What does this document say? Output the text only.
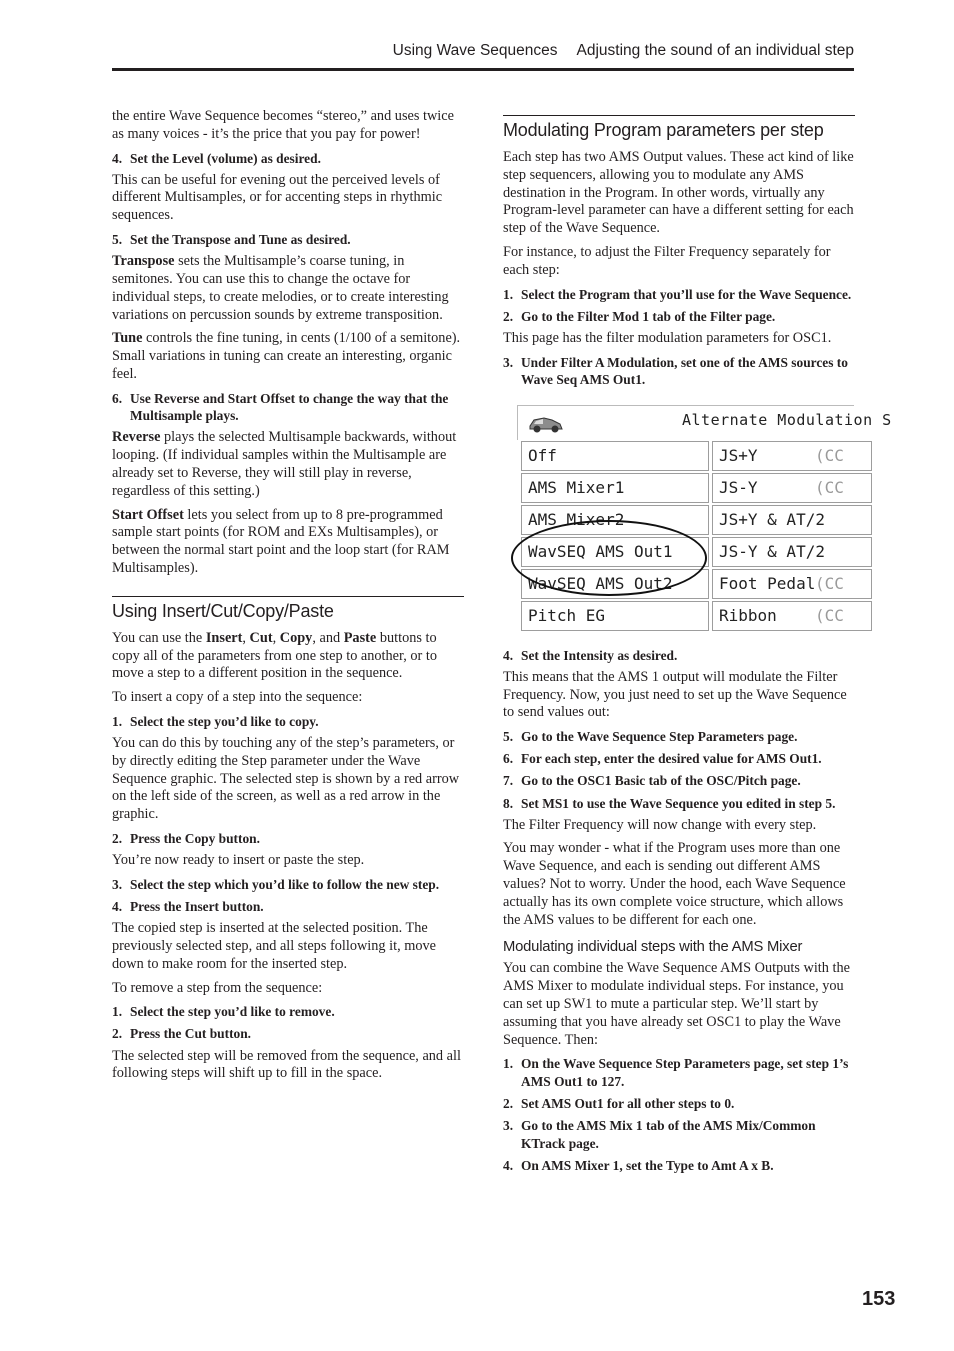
Using Wave Sequences Adjusting the sound of an individual step

the entire Wave Sequence becomes “stereo,” and uses twice as many voices - it’s the price that you pay for power!

4. Set the Level (volume) as desired.

This can be useful for evening out the perceived levels of different Multisamples, or for accenting steps in rhythmic sequences.

5. Set the Transpose and Tune as desired.

Transpose sets the Multisample’s coarse tuning, in semitones. You can use this to change the octave for individual steps, to create melodies, or to create interesting variations on percussion sounds by extreme transposition.

Tune controls the fine tuning, in cents (1/100 of a semitone). Small variations in tuning can create an interesting, organic feel.

6. Use Reverse and Start Offset to change the way that the Multisample plays.

Reverse plays the selected Multisample backwards, without looping. (If individual samples within the Multisample are already set to Reverse, they will still play in reverse, regardless of this setting.)

Start Offset lets you select from up to 8 pre-programmed sample start points (for ROM and EXs Multisamples), or between the normal start point and the loop start (for RAM Multisamples).

Using Insert/Cut/Copy/Paste

You can use the Insert, Cut, Copy, and Paste buttons to copy all of the parameters from one step to another, or to move a step to a different position in the sequence.

To insert a copy of a step into the sequence:

1. Select the step you’d like to copy.

You can do this by touching any of the step’s parameters, or by directly editing the Step parameter under the Wave Sequence graphic. The selected step is shown by a red arrow on the left side of the screen, as well as a red arrow in the graphic.

2. Press the Copy button.

You’re now ready to insert or paste the step.

3. Select the step which you’d like to follow the new step.
4. Press the Insert button.

The copied step is inserted at the selected position. The previously selected step, and all steps following it, move down to make room for the inserted step.

To remove a step from the sequence:

1. Select the step you’d like to remove.
2. Press the Cut button.

The selected step will be removed from the sequence, and all following steps will shift up to fill in the space.

Modulating Program parameters per step

Each step has two AMS Output values. These act kind of like step sequencers, allowing you to modulate any AMS destination in the Program. In other words, virtually any Program-level parameter can have a different setting for each step of the Wave Sequence.

For instance, to adjust the Filter Frequency separately for each step:

1. Select the Program that you’ll use for the Wave Sequence.
2. Go to the Filter Mod 1 tab of the Filter page.

This page has the filter modulation parameters for OSC1.

3. Under Filter A Modulation, set one of the AMS sources to Wave Seq AMS Out1.
Alternate Modulation S
Off	JS+Y	(CC
AMS Mixer1	JS-Y	(CC
AMS Mixer2	JS+Y & AT/2
WavSEQ AMS Out1	JS-Y & AT/2
WavSEQ AMS Out2	Foot Pedal (CC
Pitch EG	Ribbon (CC
4. Set the Intensity as desired.

This means that the AMS 1 output will modulate the Filter Frequency. Now, you just need to set up the Wave Sequence to send values out:

5. Go to the Wave Sequence Step Parameters page.
6. For each step, enter the desired value for AMS Out1.
7. Go to the OSC1 Basic tab of the OSC/Pitch page.
8. Set MS1 to use the Wave Sequence you edited in step 5.

The Filter Frequency will now change with every step.

You may wonder - what if the Program uses more than one Wave Sequence, and each is sending out different AMS values? Not to worry. Under the hood, each Wave Sequence actually has its own complete voice structure, which allows the AMS values to be different for each one.

Modulating individual steps with the AMS Mixer

You can combine the Wave Sequence AMS Outputs with the AMS Mixer to modulate individual steps. For instance, you can set up SW1 to mute a particular step. We’ll start by assuming that you have already set OSC1 to play the Wave Sequence. Then:

1. On the Wave Sequence Step Parameters page, set step 1’s AMS Out1 to 127.
2. Set AMS Out1 for all other steps to 0.
3. Go to the AMS Mix 1 tab of the AMS Mix/Common KTrack page.
4. On AMS Mixer 1, set the Type to Amt A x B.
153
